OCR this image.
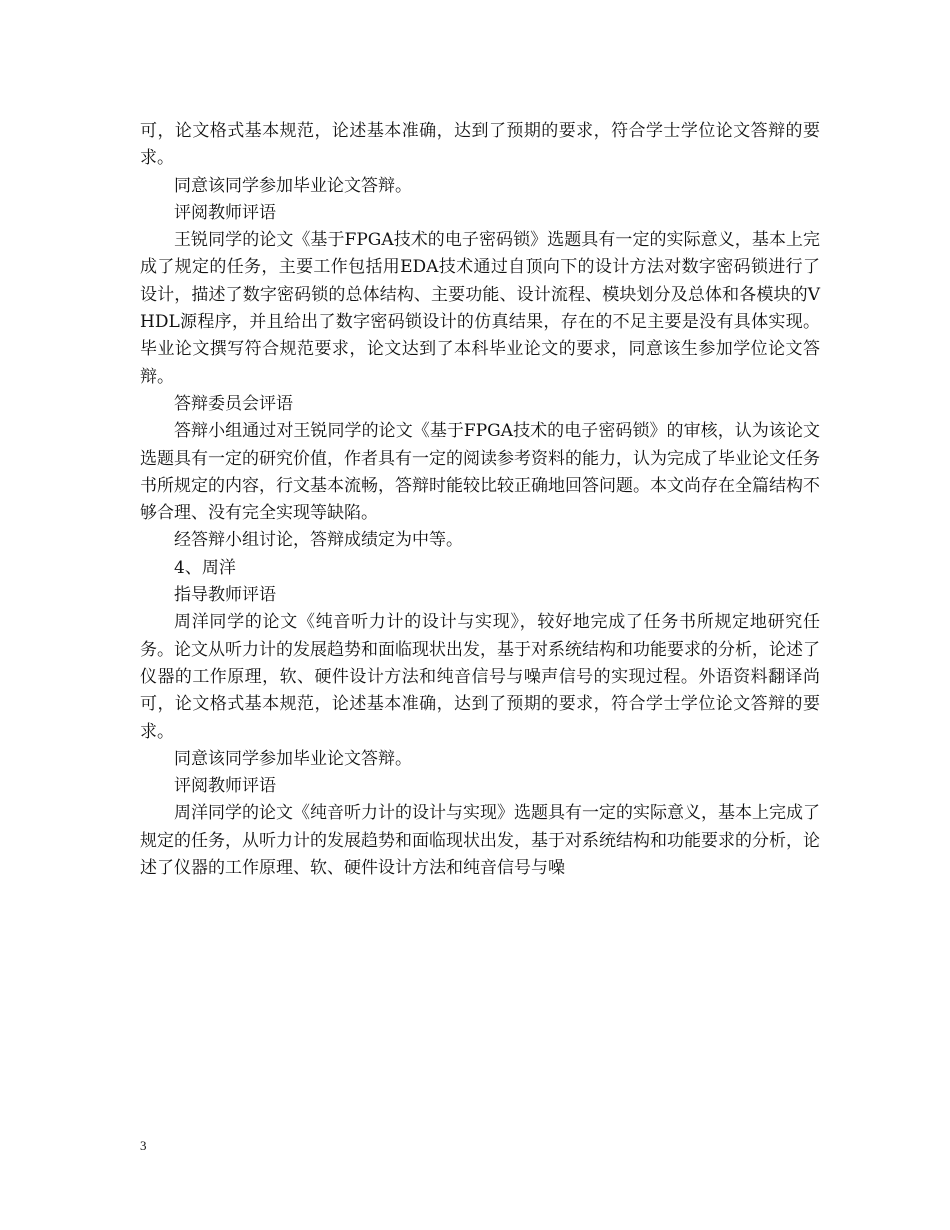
可，论文格式基本规范，论述基本准确，达到了预期的要求，符合学士学位论文答辩的要求。

同意该同学参加毕业论文答辩。

评阅教师评语

王锐同学的论文《基于FPGA技术的电子密码锁》选题具有一定的实际意义，基本上完成了规定的任务，主要工作包括用EDA技术通过自顶向下的设计方法对数字密码锁进行了设计，描述了数字密码锁的总体结构、主要功能、设计流程、模块划分及总体和各模块的VHDL源程序，并且给出了数字密码锁设计的仿真结果，存在的不足主要是没有具体实现。毕业论文撰写符合规范要求，论文达到了本科毕业论文的要求，同意该生参加学位论文答辩。

答辩委员会评语

答辩小组通过对王锐同学的论文《基于FPGA技术的电子密码锁》的审核，认为该论文选题具有一定的研究价值，作者具有一定的阅读参考资料的能力，认为完成了毕业论文任务书所规定的内容，行文基本流畅，答辩时能较比较正确地回答问题。本文尚存在全篇结构不够合理、没有完全实现等缺陷。

经答辩小组讨论，答辩成绩定为中等。

4、周洋

指导教师评语

周洋同学的论文《纯音听力计的设计与实现》，较好地完成了任务书所规定地研究任务。论文从听力计的发展趋势和面临现状出发，基于对系统结构和功能要求的分析，论述了仪器的工作原理，软、硬件设计方法和纯音信号与噪声信号的实现过程。外语资料翻译尚可，论文格式基本规范，论述基本准确，达到了预期的要求，符合学士学位论文答辩的要求。

同意该同学参加毕业论文答辩。

评阅教师评语

周洋同学的论文《纯音听力计的设计与实现》选题具有一定的实际意义，基本上完成了规定的任务，从听力计的发展趋势和面临现状出发，基于对系统结构和功能要求的分析，论述了仪器的工作原理、软、硬件设计方法和纯音信号与噪

3
